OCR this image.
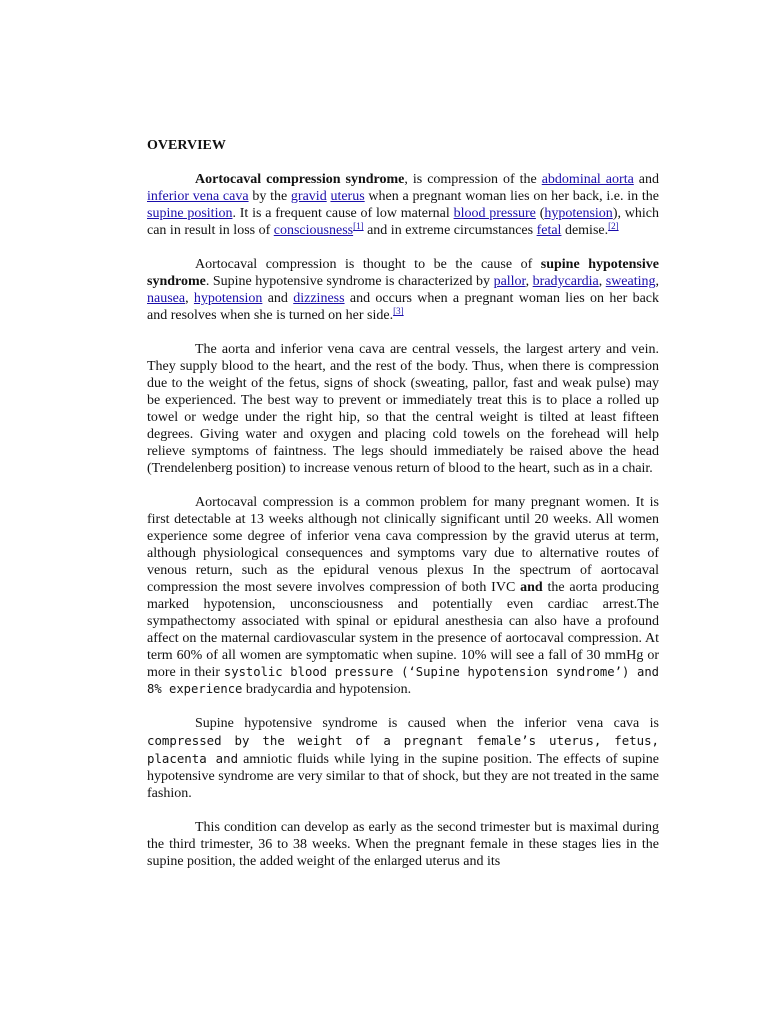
OVERVIEW

Aortocaval compression syndrome, is compression of the abdominal aorta and inferior vena cava by the gravid uterus when a pregnant woman lies on her back, i.e. in the supine position. It is a frequent cause of low maternal blood pressure (hypotension), which can in result in loss of consciousness[1] and in extreme circumstances fetal demise.[2]

Aortocaval compression is thought to be the cause of supine hypotensive syndrome. Supine hypotensive syndrome is characterized by pallor, bradycardia, sweating, nausea, hypotension and dizziness and occurs when a pregnant woman lies on her back and resolves when she is turned on her side.[3]

The aorta and inferior vena cava are central vessels, the largest artery and vein. They supply blood to the heart, and the rest of the body. Thus, when there is compression due to the weight of the fetus, signs of shock (sweating, pallor, fast and weak pulse) may be experienced. The best way to prevent or immediately treat this is to place a rolled up towel or wedge under the right hip, so that the central weight is tilted at least fifteen degrees. Giving water and oxygen and placing cold towels on the forehead will help relieve symptoms of faintness. The legs should immediately be raised above the head (Trendelenberg position) to increase venous return of blood to the heart, such as in a chair.

Aortocaval compression is a common problem for many pregnant women. It is first detectable at 13 weeks although not clinically significant until 20 weeks. All women experience some degree of inferior vena cava compression by the gravid uterus at term, although physiological consequences and symptoms vary due to alternative routes of venous return, such as the epidural venous plexus In the spectrum of aortocaval compression the most severe involves compression of both IVC and the aorta producing marked hypotension, unconsciousness and potentially even cardiac arrest.The sympathectomy associated with spinal or epidural anesthesia can also have a profound affect on the maternal cardiovascular system in the presence of aortocaval compression. At term 60% of all women are symptomatic when supine. 10% will see a fall of 30 mmHg or more in their systolic blood pressure (‘Supine hypotension syndrome’) and 8% experience bradycardia and hypotension.

Supine hypotensive syndrome is caused when the inferior vena cava is compressed by the weight of a pregnant female’s uterus, fetus, placenta and amniotic fluids while lying in the supine position. The effects of supine hypotensive syndrome are very similar to that of shock, but they are not treated in the same fashion.

This condition can develop as early as the second trimester but is maximal during the third trimester, 36 to 38 weeks. When the pregnant female in these stages lies in the supine position, the added weight of the enlarged uterus and its
